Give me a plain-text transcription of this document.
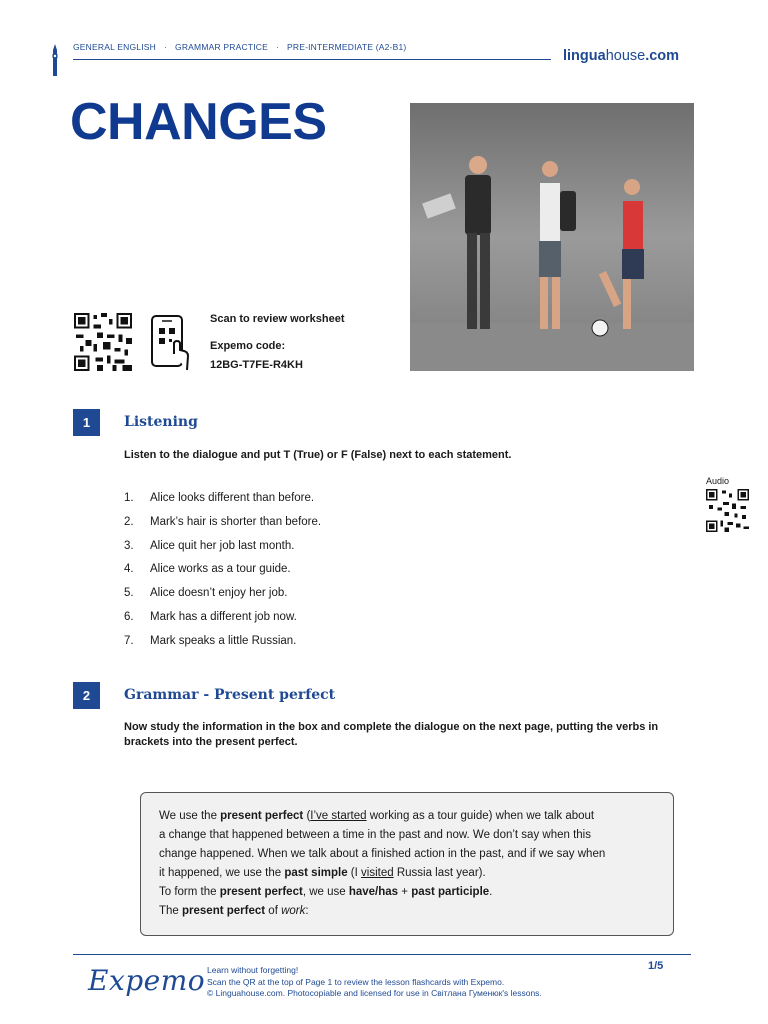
GENERAL ENGLISH · GRAMMAR PRACTICE · PRE-INTERMEDIATE (A2-B1)
linguahouse.com
CHANGES
Scan to review worksheet
Expemo code:
12BG-T7FE-R4KH
1	Listening
Listen to the dialogue and put T (True) or F (False) next to each statement.
Audio
1.	Alice looks different than before.
2.	Mark’s hair is shorter than before.
3.	Alice quit her job last month.
4.	Alice works as a tour guide.
5.	Alice doesn’t enjoy her job.
6.	Mark has a different job now.
7.	Mark speaks a little Russian.
2	Grammar - Present perfect
Now study the information in the box and complete the dialogue on the next page, putting the verbs in brackets into the present perfect.
We use the present perfect (I’ve started working as a tour guide) when we talk about
a change that happened between a time in the past and now. We don’t say when this
change happened. When we talk about a finished action in the past, and if we say when
it happened, we use the past simple (I visited Russia last year).
To form the present perfect, we use have/has + past participle.
The present perfect of work:
Expemo Learn without forgetting!
Scan the QR at the top of Page 1 to review the lesson flashcards with Expemo.
© Linguahouse.com. Photocopiable and licensed for use in Світлана Гуменюк's lessons.
1/5
